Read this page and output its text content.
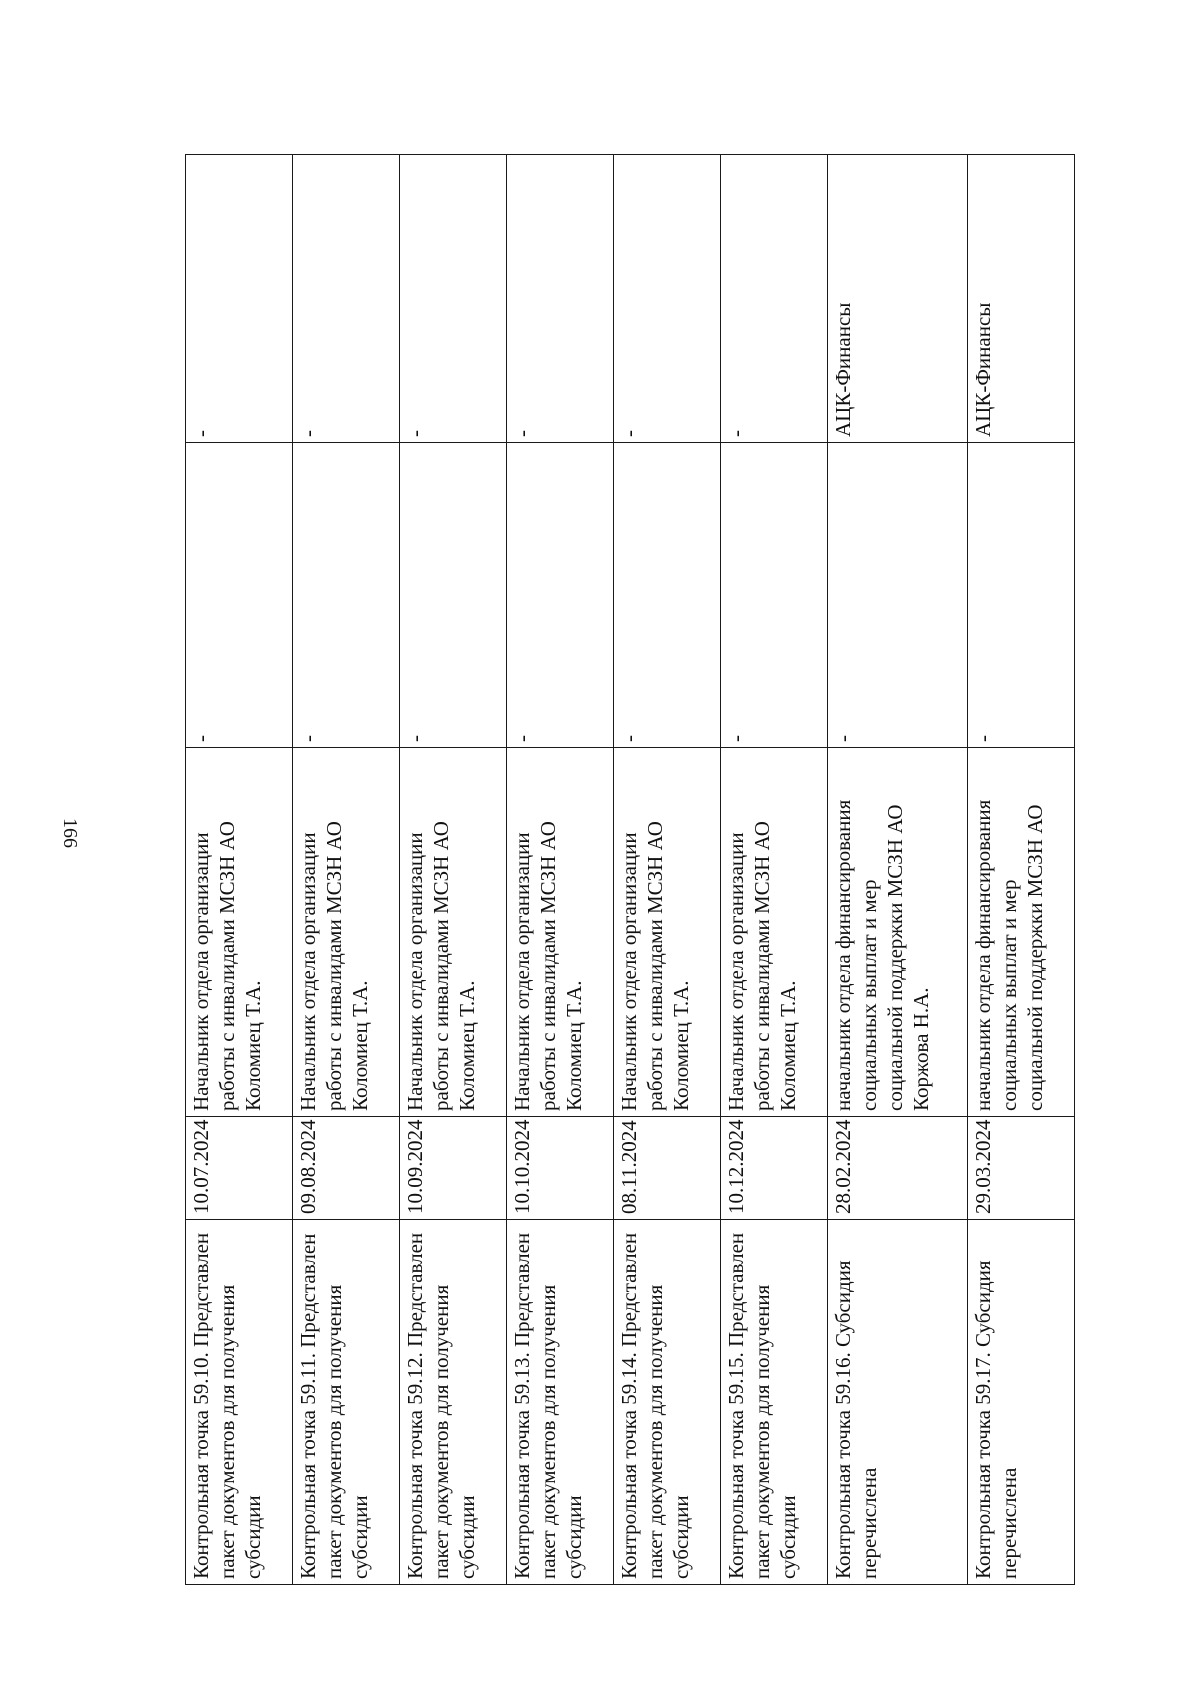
166
Контрольная точка 59.10. Представлен
пакет документов для получения
субсидии	10.07.2024	Начальник отдела организации
работы с инвалидами МСЗН АО
Коломиец Т.А.	-	-
Контрольная точка 59.11. Представлен
пакет документов для получения
субсидии	09.08.2024	Начальник отдела организации
работы с инвалидами МСЗН АО
Коломиец Т.А.	-	-
Контрольная точка 59.12. Представлен
пакет документов для получения
субсидии	10.09.2024	Начальник отдела организации
работы с инвалидами МСЗН АО
Коломиец Т.А.	-	-
Контрольная точка 59.13. Представлен
пакет документов для получения
субсидии	10.10.2024	Начальник отдела организации
работы с инвалидами МСЗН АО
Коломиец Т.А.	-	-
Контрольная точка 59.14. Представлен
пакет документов для получения
субсидии	08.11.2024	Начальник отдела организации
работы с инвалидами МСЗН АО
Коломиец Т.А.	-	-
Контрольная точка 59.15. Представлен
пакет документов для получения
субсидии	10.12.2024	Начальник отдела организации
работы с инвалидами МСЗН АО
Коломиец Т.А.	-	-
Контрольная точка 59.16. Субсидия
перечислена	28.02.2024	начальник отдела финансирования
социальных выплат и мер
социальной поддержки МСЗН АО
Коржова Н.А.	-	АЦК-Финансы
Контрольная точка 59.17. Субсидия
перечислена	29.03.2024	начальник отдела финансирования
социальных выплат и мер
социальной поддержки МСЗН АО	-	АЦК-Финансы
